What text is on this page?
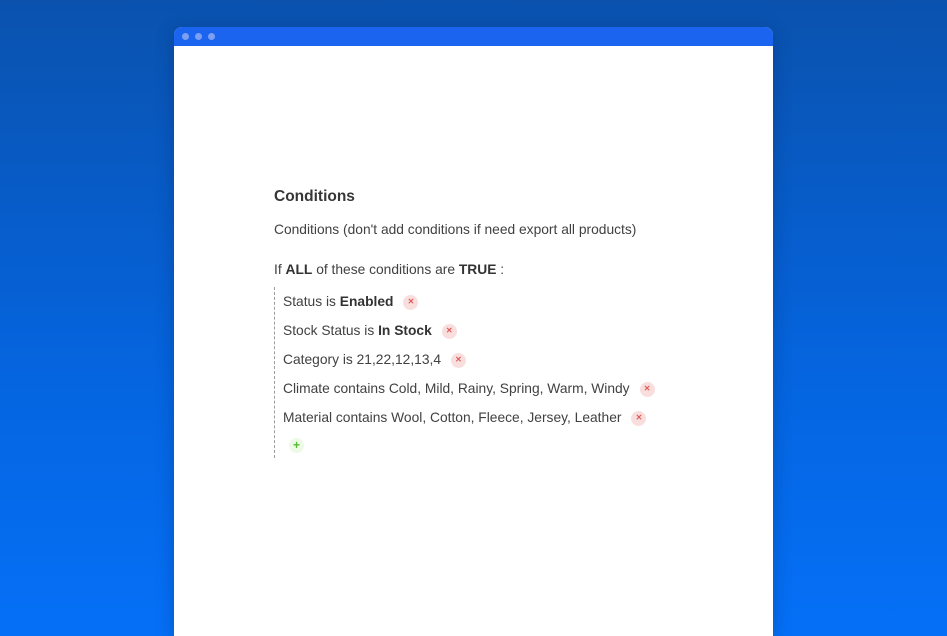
Conditions
Conditions (don't add conditions if need export all products)
If ALL of these conditions are TRUE :
Status is Enabled ✕
Stock Status is In Stock ✕
Category is 21,22,12,13,4 ✕
Climate contains Cold, Mild, Rainy, Spring, Warm, Windy ✕
Material contains Wool, Cotton, Fleece, Jersey, Leather ✕
+
